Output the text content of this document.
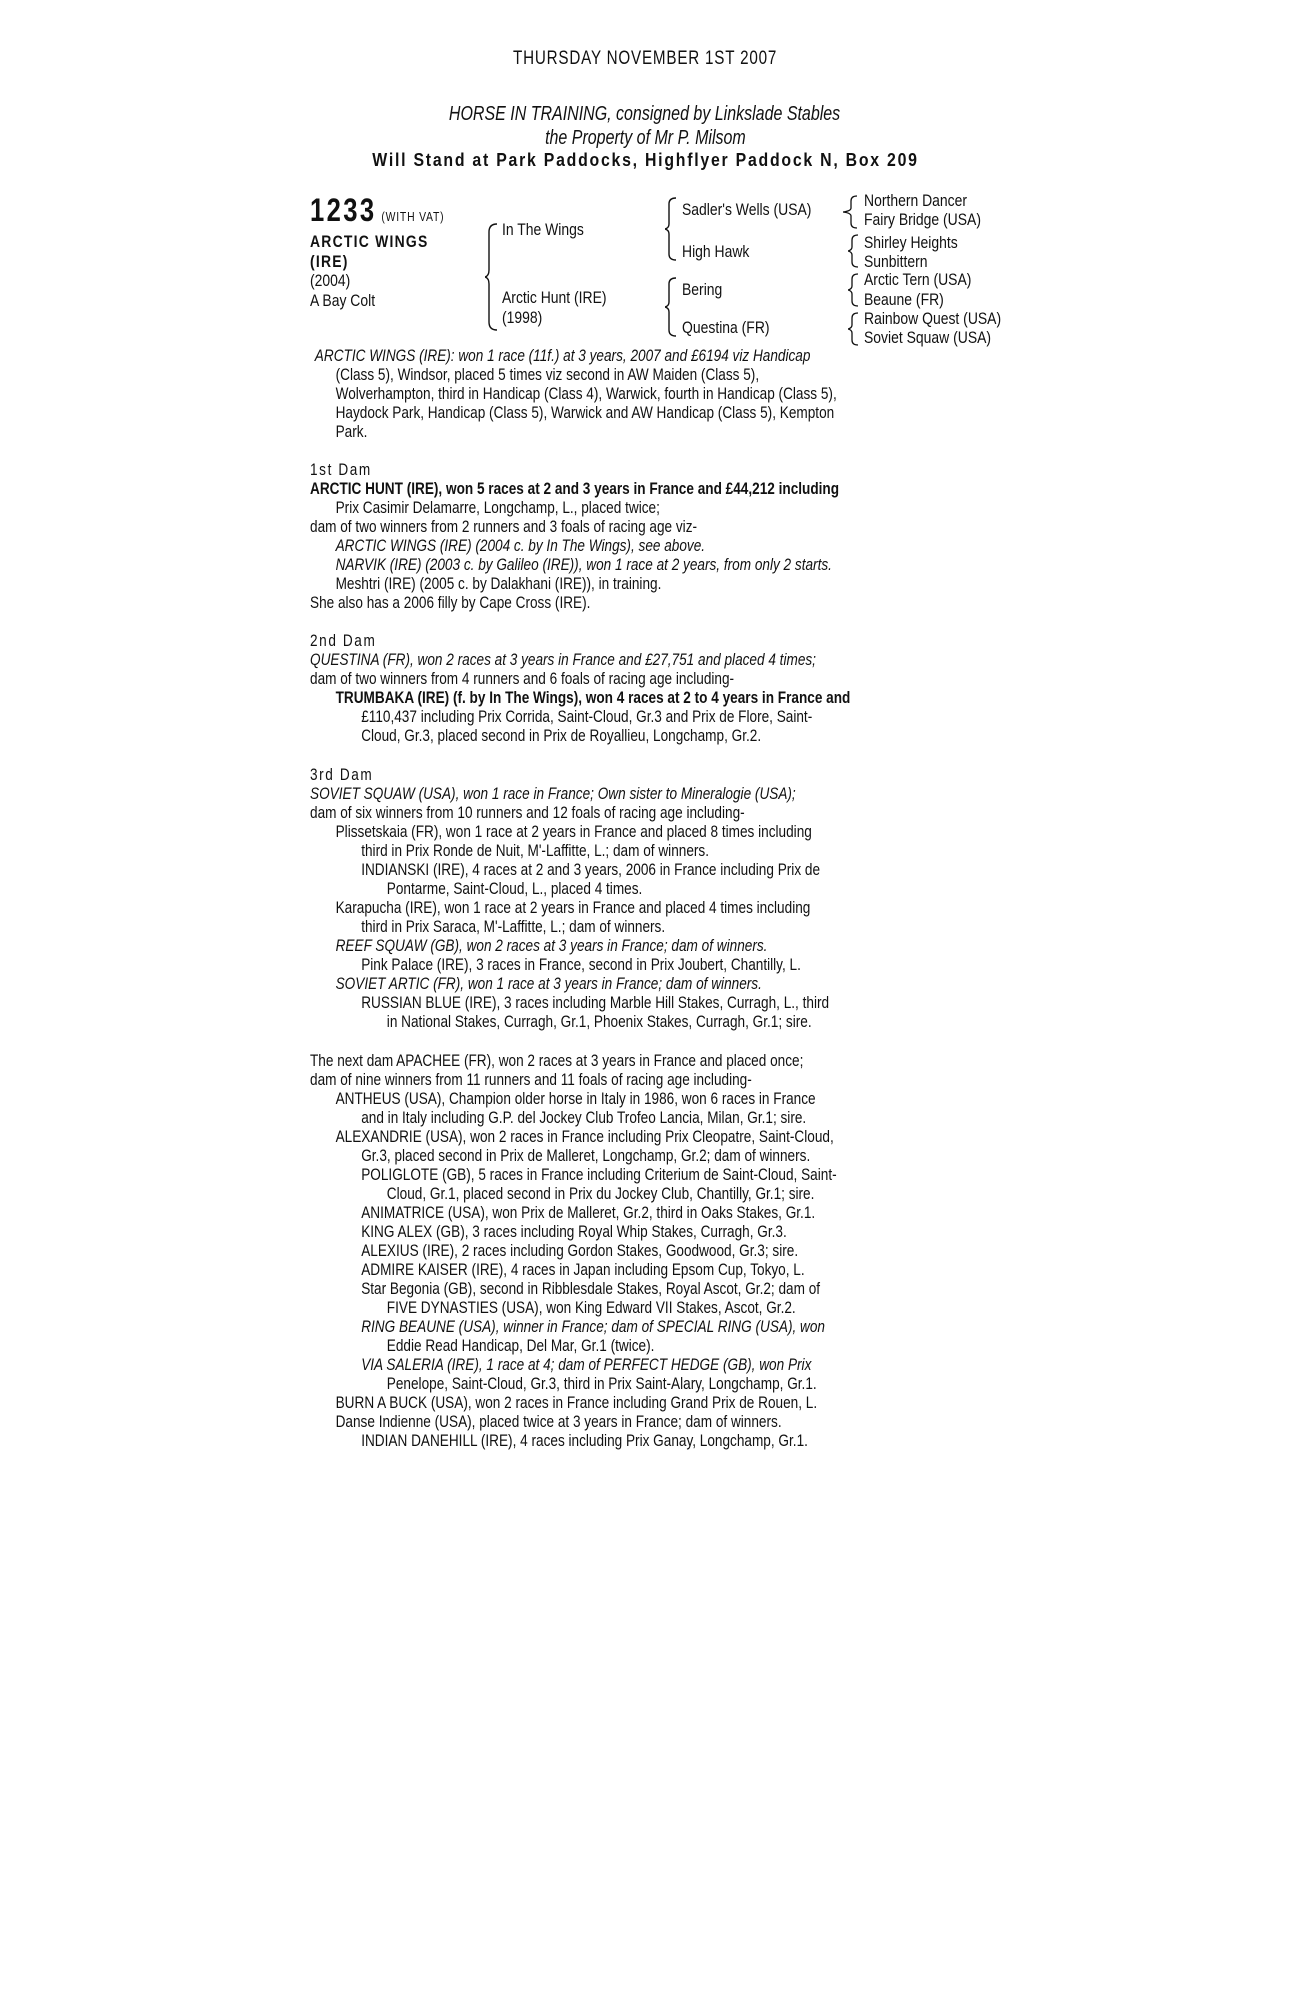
THURSDAY NOVEMBER 1ST 2007
HORSE IN TRAINING, consigned by Linkslade Stables
the Property of Mr P. Milsom
Will Stand at Park Paddocks, Highflyer Paddock N, Box 209
1233 (WITH VAT)
ARCTIC WINGS
(IRE)
(2004)
A Bay Colt
In The Wings
Arctic Hunt (IRE)
(1998)
Sadler's Wells (USA)
High Hawk
Bering
Questina (FR)
Northern Dancer
Fairy Bridge (USA)
Shirley Heights
Sunbittern
Arctic Tern (USA)
Beaune (FR)
Rainbow Quest (USA)
Soviet Squaw (USA)
ARCTIC WINGS (IRE): won 1 race (11f.) at 3 years, 2007 and £6194 viz Handicap
(Class 5), Windsor, placed 5 times viz second in AW Maiden (Class 5),
Wolverhampton, third in Handicap (Class 4), Warwick, fourth in Handicap (Class 5),
Haydock Park, Handicap (Class 5), Warwick and AW Handicap (Class 5), Kempton
Park.
1st Dam
ARCTIC HUNT (IRE), won 5 races at 2 and 3 years in France and £44,212 including
Prix Casimir Delamarre, Longchamp, L., placed twice;
dam of two winners from 2 runners and 3 foals of racing age viz-
ARCTIC WINGS (IRE) (2004 c. by In The Wings), see above.
NARVIK (IRE) (2003 c. by Galileo (IRE)), won 1 race at 2 years, from only 2 starts.
Meshtri (IRE) (2005 c. by Dalakhani (IRE)), in training.
She also has a 2006 filly by Cape Cross (IRE).
2nd Dam
QUESTINA (FR), won 2 races at 3 years in France and £27,751 and placed 4 times;
dam of two winners from 4 runners and 6 foals of racing age including-
TRUMBAKA (IRE) (f. by In The Wings), won 4 races at 2 to 4 years in France and
£110,437 including Prix Corrida, Saint-Cloud, Gr.3 and Prix de Flore, Saint-
Cloud, Gr.3, placed second in Prix de Royallieu, Longchamp, Gr.2.
3rd Dam
SOVIET SQUAW (USA), won 1 race in France; Own sister to Mineralogie (USA);
dam of six winners from 10 runners and 12 foals of racing age including-
Plissetskaia (FR), won 1 race at 2 years in France and placed 8 times including
third in Prix Ronde de Nuit, M'-Laffitte, L.; dam of winners.
INDIANSKI (IRE), 4 races at 2 and 3 years, 2006 in France including Prix de
Pontarme, Saint-Cloud, L., placed 4 times.
Karapucha (IRE), won 1 race at 2 years in France and placed 4 times including
third in Prix Saraca, M'-Laffitte, L.; dam of winners.
REEF SQUAW (GB), won 2 races at 3 years in France; dam of winners.
Pink Palace (IRE), 3 races in France, second in Prix Joubert, Chantilly, L.
SOVIET ARTIC (FR), won 1 race at 3 years in France; dam of winners.
RUSSIAN BLUE (IRE), 3 races including Marble Hill Stakes, Curragh, L., third
in National Stakes, Curragh, Gr.1, Phoenix Stakes, Curragh, Gr.1; sire.
The next dam APACHEE (FR), won 2 races at 3 years in France and placed once;
dam of nine winners from 11 runners and 11 foals of racing age including-
ANTHEUS (USA), Champion older horse in Italy in 1986, won 6 races in France
and in Italy including G.P. del Jockey Club Trofeo Lancia, Milan, Gr.1; sire.
ALEXANDRIE (USA), won 2 races in France including Prix Cleopatre, Saint-Cloud,
Gr.3, placed second in Prix de Malleret, Longchamp, Gr.2; dam of winners.
POLIGLOTE (GB), 5 races in France including Criterium de Saint-Cloud, Saint-
Cloud, Gr.1, placed second in Prix du Jockey Club, Chantilly, Gr.1; sire.
ANIMATRICE (USA), won Prix de Malleret, Gr.2, third in Oaks Stakes, Gr.1.
KING ALEX (GB), 3 races including Royal Whip Stakes, Curragh, Gr.3.
ALEXIUS (IRE), 2 races including Gordon Stakes, Goodwood, Gr.3; sire.
ADMIRE KAISER (IRE), 4 races in Japan including Epsom Cup, Tokyo, L.
Star Begonia (GB), second in Ribblesdale Stakes, Royal Ascot, Gr.2; dam of
FIVE DYNASTIES (USA), won King Edward VII Stakes, Ascot, Gr.2.
RING BEAUNE (USA), winner in France; dam of SPECIAL RING (USA), won
Eddie Read Handicap, Del Mar, Gr.1 (twice).
VIA SALERIA (IRE), 1 race at 4; dam of PERFECT HEDGE (GB), won Prix
Penelope, Saint-Cloud, Gr.3, third in Prix Saint-Alary, Longchamp, Gr.1.
BURN A BUCK (USA), won 2 races in France including Grand Prix de Rouen, L.
Danse Indienne (USA), placed twice at 3 years in France; dam of winners.
INDIAN DANEHILL (IRE), 4 races including Prix Ganay, Longchamp, Gr.1.
